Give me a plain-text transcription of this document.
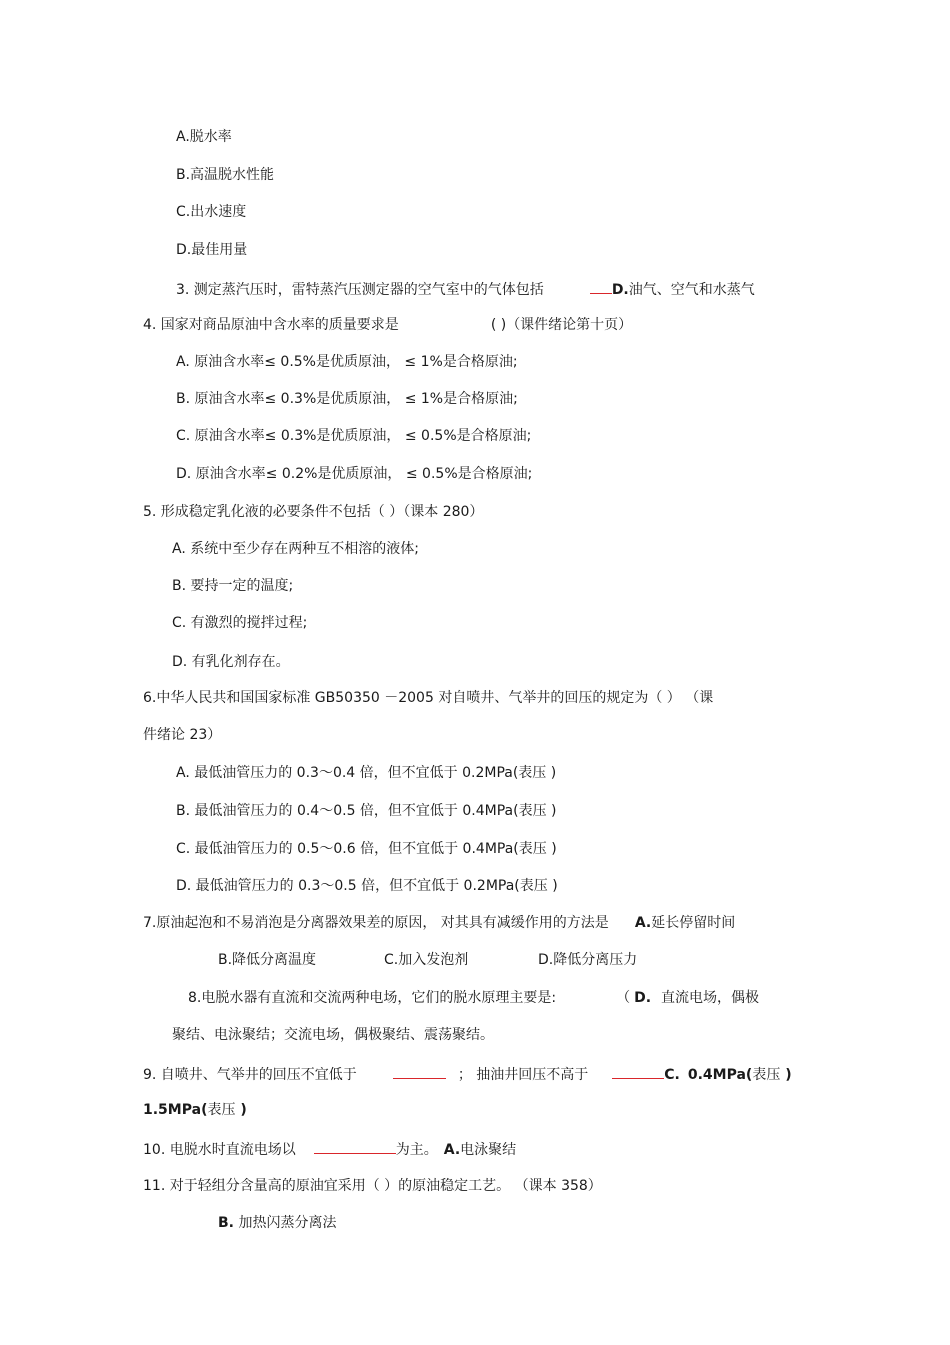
A.脱水率
B.高温脱水性能
C.出水速度
D.最佳用量
3. 测定蒸汽压时，雷特蒸汽压测定器的空气室中的气体包括	D.油气、空气和水蒸气
4. 国家对商品原油中含水率的质量要求是	( )（课件绪论第十页）
A. 原油含水率≤ 0.5%是优质原油， ≤ 1%是合格原油;
B. 原油含水率≤ 0.3%是优质原油， ≤ 1%是合格原油;
C. 原油含水率≤ 0.3%是优质原油， ≤ 0.5%是合格原油;
D. 原油含水率≤ 0.2%是优质原油， ≤ 0.5%是合格原油;
5. 形成稳定乳化液的必要条件不包括（ ）（课本 280）
A. 系统中至少存在两种互不相溶的液体;
B. 要持一定的温度;
C. 有激烈的搅拌过程;
D. 有乳化剂存在。
6.中华人民共和国国家标准 GB50350 －2005 对自喷井、气举井的回压的规定为（ ） （课
件绪论 23）
A. 最低油管压力的 0.3～0.4 倍，但不宜低于 0.2MPa(表压 )
B. 最低油管压力的 0.4～0.5 倍，但不宜低于 0.4MPa(表压 )
C. 最低油管压力的 0.5～0.6 倍，但不宜低于 0.4MPa(表压 )
D. 最低油管压力的 0.3～0.5 倍，但不宜低于 0.2MPa(表压 )
7.原油起泡和不易消泡是分离器效果差的原因， 对其具有减缓作用的方法是 A.延长停留时间
B.降低分离温度	C.加入发泡剂	D.降低分离压力
8.电脱水器有直流和交流两种电场，它们的脱水原理主要是:	（ D. 直流电场，偶极
聚结、电泳聚结；交流电场，偶极聚结、震荡聚结。
9. 自喷井、气举井的回压不宜低于	； 抽油井回压不高于	C. 0.4MPa(表压 )
1.5MPa(表压 )
10. 电脱水时直流电场以	为主。 A.电泳聚结
11. 对于轻组分含量高的原油宜采用（ ）的原油稳定工艺。 （课本 358）
B. 加热闪蒸分离法
